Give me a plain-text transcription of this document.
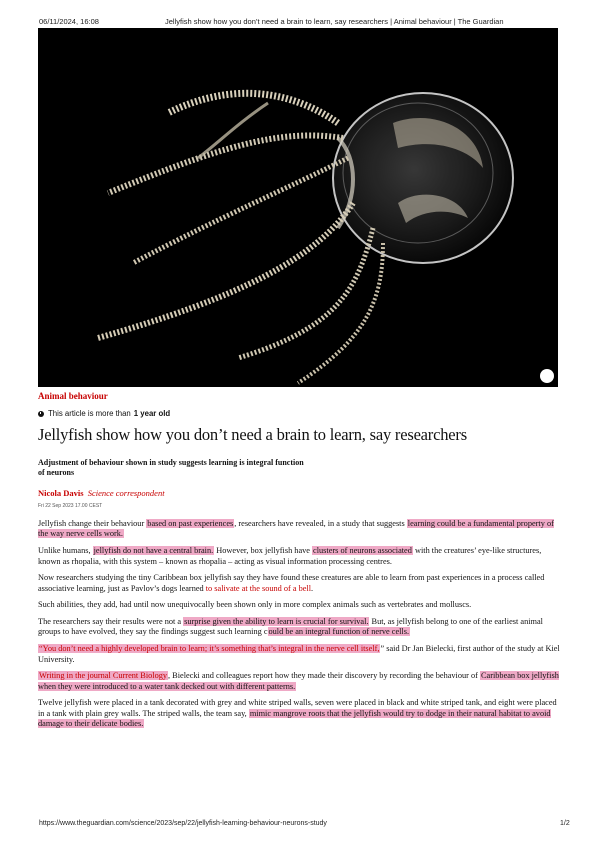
06/11/2024, 16:08	Jellyfish show how you don’t need a brain to learn, say researchers | Animal behaviour | The Guardian
Animal behaviour
This article is more than 1 year old
Jellyfish show how you don’t need a brain to learn, say researchers
Adjustment of behaviour shown in study suggests learning is integral function of neurons
Nicola Davis Science correspondent
Fri 22 Sep 2023 17.00 CEST

Jellyfish change their behaviour based on past experiences, researchers have revealed, in a study that suggests learning could be a fundamental property of the way nerve cells work.

Unlike humans, jellyfish do not have a central brain. However, box jellyfish have clusters of neurons associated with the creatures’ eye-like structures, known as rhopalia, with this system – known as rhopalia – acting as visual information processing centres.

Now researchers studying the tiny Caribbean box jellyfish say they have found these creatures are able to learn from past experiences in a process called associative learning, just as Pavlov’s dogs learned to salivate at the sound of a bell.

Such abilities, they add, had until now unequivocally been shown only in more complex animals such as vertebrates and molluscs.

The researchers say their results were not a surprise given the ability to learn is crucial for survival. But, as jellyfish belong to one of the earliest animal groups to have evolved, they say the findings suggest such learning could be an integral function of nerve cells.

“You don’t need a highly developed brain to learn; it’s something that’s integral in the nerve cell itself,” said Dr Jan Bielecki, first author of the study at Kiel University.

Writing in the journal Current Biology, Bielecki and colleagues report how they made their discovery by recording the behaviour of Caribbean box jellyfish when they were introduced to a water tank decked out with different patterns.

Twelve jellyfish were placed in a tank decorated with grey and white striped walls, seven were placed in black and white striped tank, and eight were placed in a tank with plain grey walls. The striped walls, the team say, mimic mangrove roots that the jellyfish would try to dodge in their natural habitat to avoid damage to their delicate bodies.

https://www.theguardian.com/science/2023/sep/22/jellyfish-learning-behaviour-neurons-study	1/2
